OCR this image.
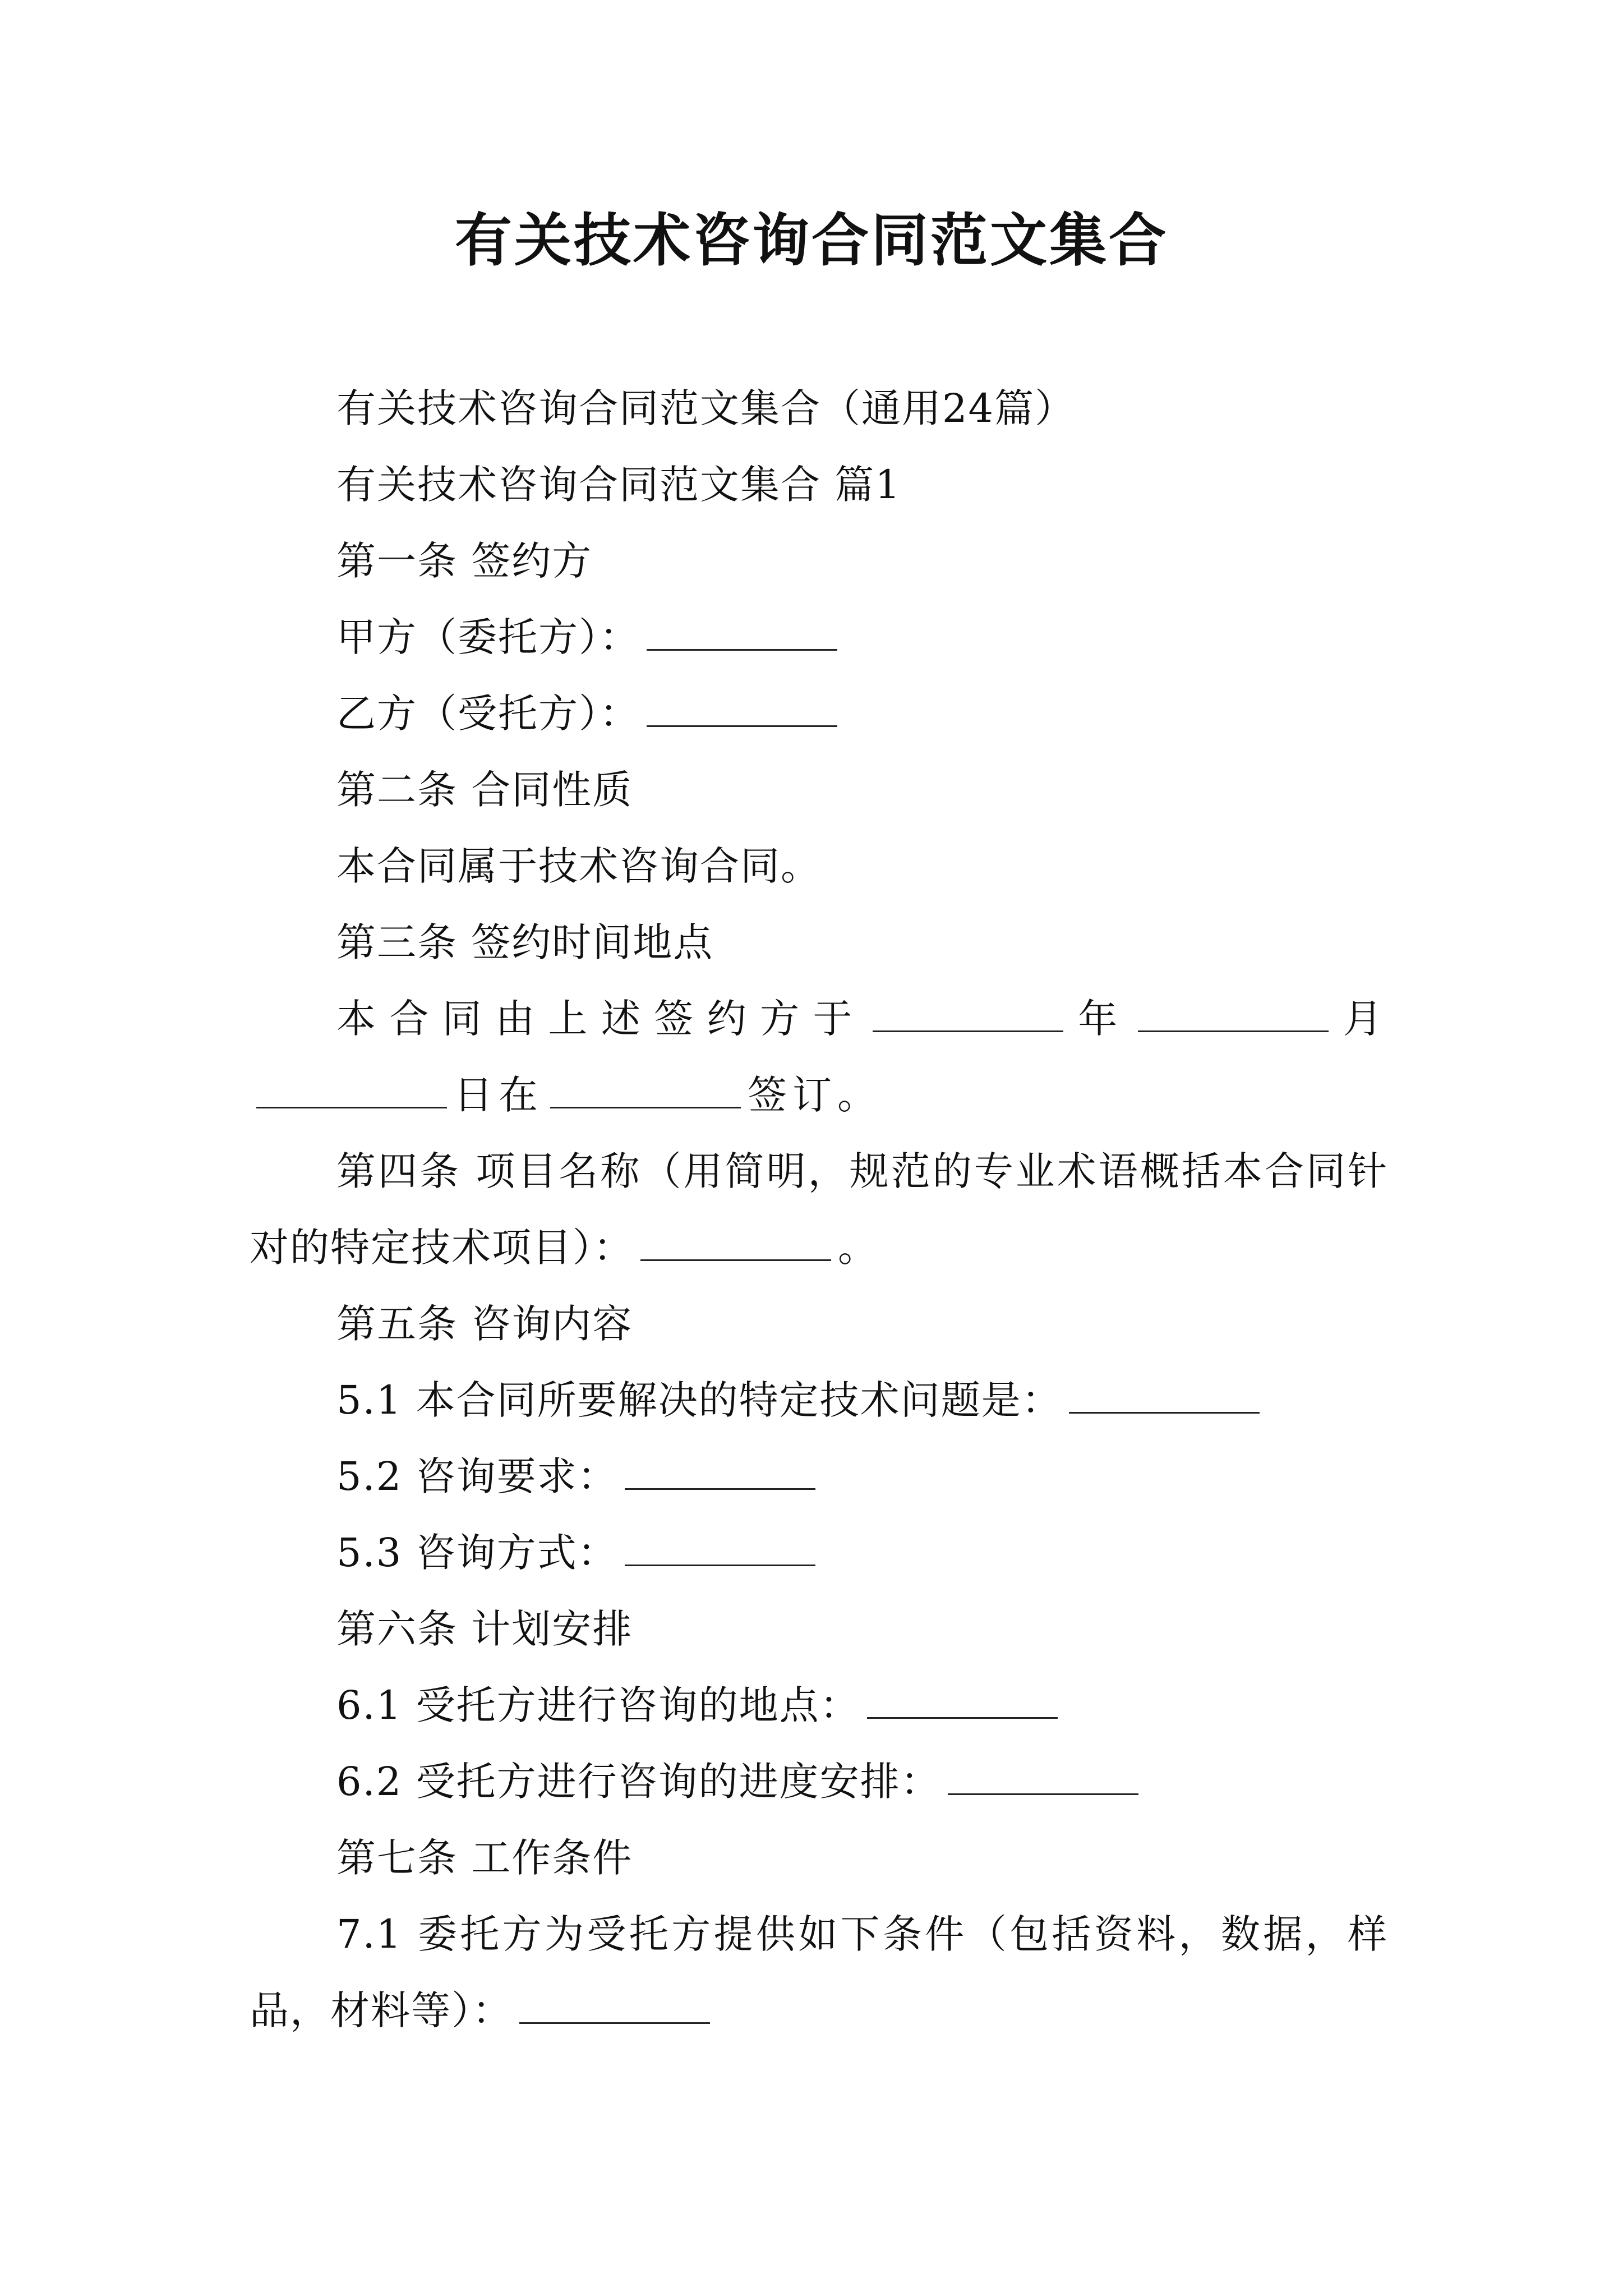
有关技术咨询合同范文集合

有关技术咨询合同范文集合（通用24篇）

有关技术咨询合同范文集合 篇1

第一条 签约方

甲方（委托方）：

乙方（受托方）：

第二条 合同性质

本合同属于技术咨询合同。

第三条 签约时间地点

本合同由上述签约方于	年	月日在	签订。

第四条 项目名称（用简明，规范的专业术语概括本合同针对的特定技术项目）：	。

第五条 咨询内容

5.1 本合同所要解决的特定技术问题是：

5.2 咨询要求：

5.3 咨询方式：

第六条 计划安排

6.1 受托方进行咨询的地点：

6.2 受托方进行咨询的进度安排：

第七条 工作条件

7.1 委托方为受托方提供如下条件（包括资料，数据，样品，材料等）：
